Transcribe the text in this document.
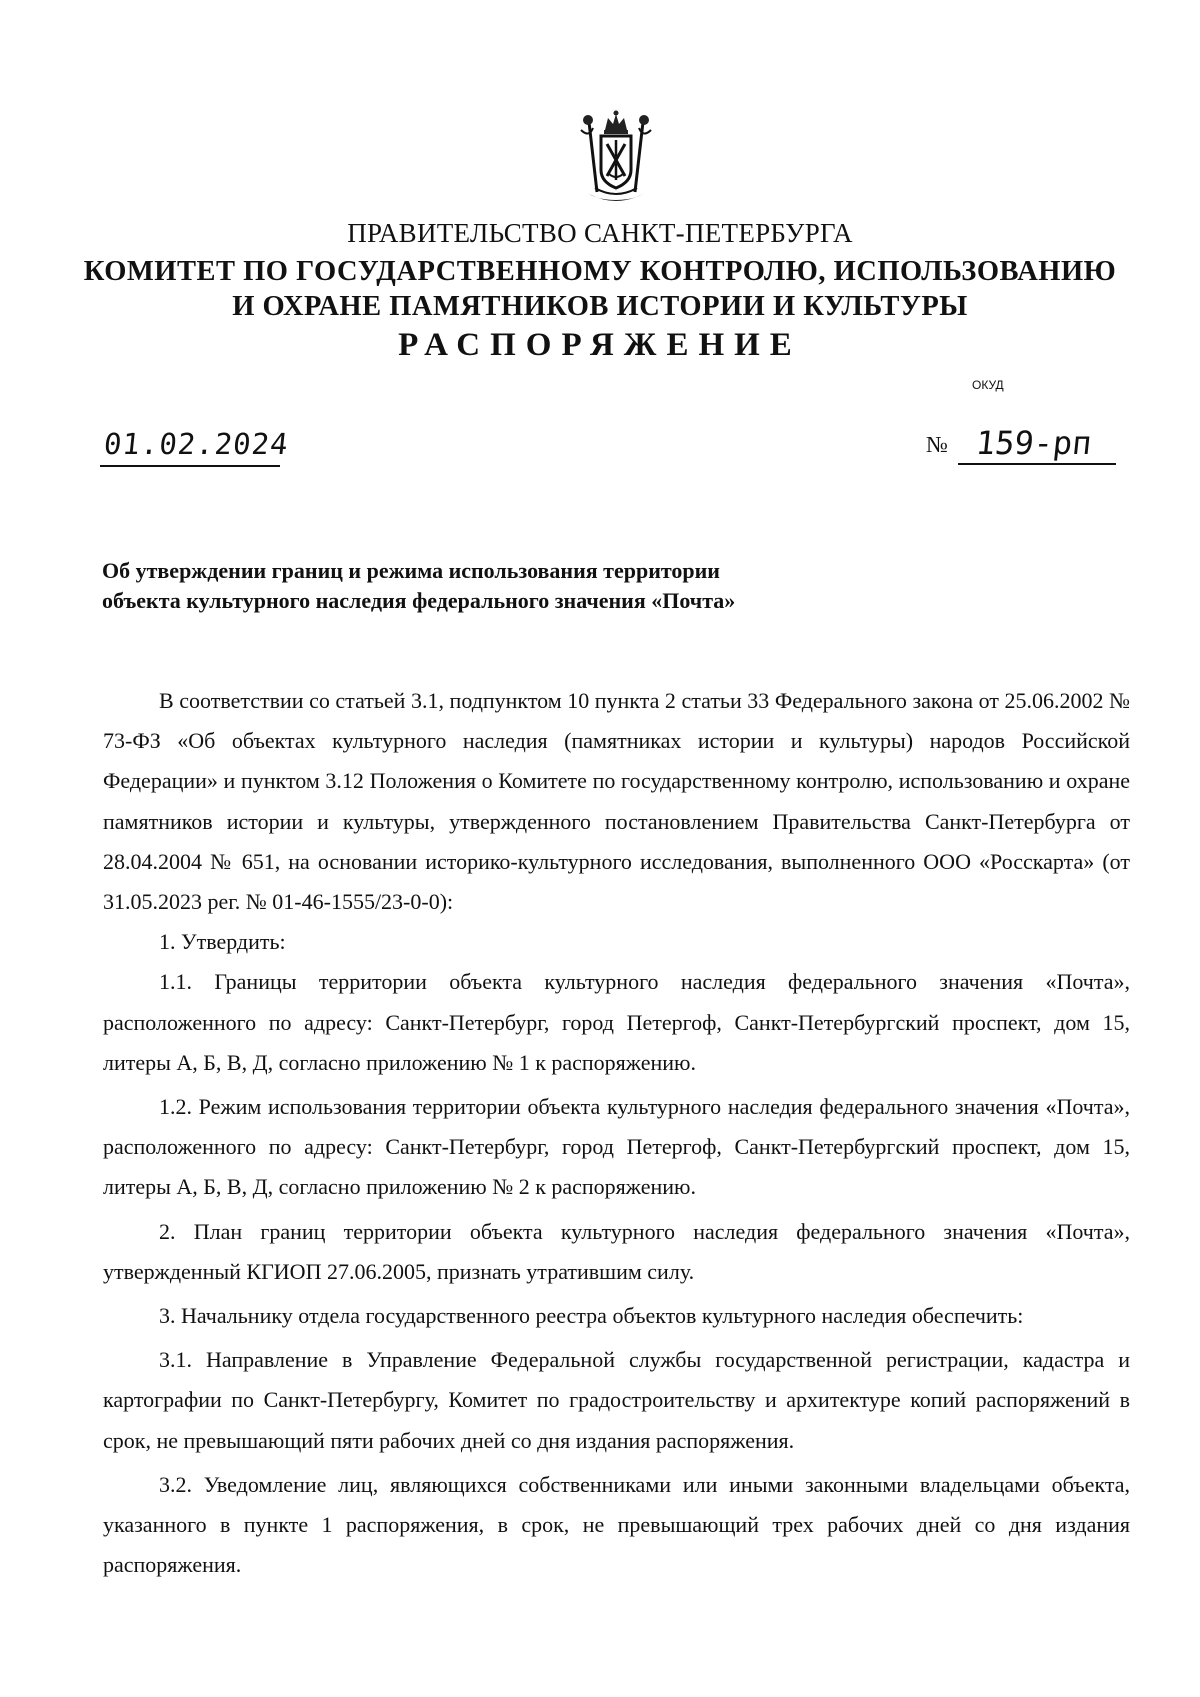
ПРАВИТЕЛЬСТВО САНКТ-ПЕТЕРБУРГА
КОМИТЕТ ПО ГОСУДАРСТВЕННОМУ КОНТРОЛЮ, ИСПОЛЬЗОВАНИЮ
И ОХРАНЕ ПАМЯТНИКОВ ИСТОРИИ И КУЛЬТУРЫ
РАСПОРЯЖЕНИЕ
ОКУД
01.02.2024	№ 159-рп
Об утверждении границ и режима использования территории
объекта культурного наследия федерального значения «Почта»

В соответствии со статьей 3.1, подпунктом 10 пункта 2 статьи 33 Федерального закона от 25.06.2002 № 73-ФЗ «Об объектах культурного наследия (памятниках истории и культуры) народов Российской Федерации» и пунктом 3.12 Положения о Комитете по государственному контролю, использованию и охране памятников истории и культуры, утвержденного постановлением Правительства Санкт-Петербурга от 28.04.2004 № 651, на основании историко-культурного исследования, выполненного ООО «Росскарта» (от 31.05.2023 рег. № 01-46-1555/23-0-0):

1. Утвердить:

1.1. Границы территории объекта культурного наследия федерального значения «Почта», расположенного по адресу: Санкт-Петербург, город Петергоф, Санкт-Петербургский проспект, дом 15, литеры А, Б, В, Д, согласно приложению № 1 к распоряжению.

1.2. Режим использования территории объекта культурного наследия федерального значения «Почта», расположенного по адресу: Санкт-Петербург, город Петергоф, Санкт-Петербургский проспект, дом 15, литеры А, Б, В, Д, согласно приложению № 2 к распоряжению.

2. План границ территории объекта культурного наследия федерального значения «Почта», утвержденный КГИОП 27.06.2005, признать утратившим силу.

3. Начальнику отдела государственного реестра объектов культурного наследия обеспечить:

3.1. Направление в Управление Федеральной службы государственной регистрации, кадастра и картографии по Санкт-Петербургу, Комитет по градостроительству и архитектуре копий распоряжений в срок, не превышающий пяти рабочих дней со дня издания распоряжения.

3.2. Уведомление лиц, являющихся собственниками или иными законными владельцами объекта, указанного в пункте 1 распоряжения, в срок, не превышающий трех рабочих дней со дня издания распоряжения.
